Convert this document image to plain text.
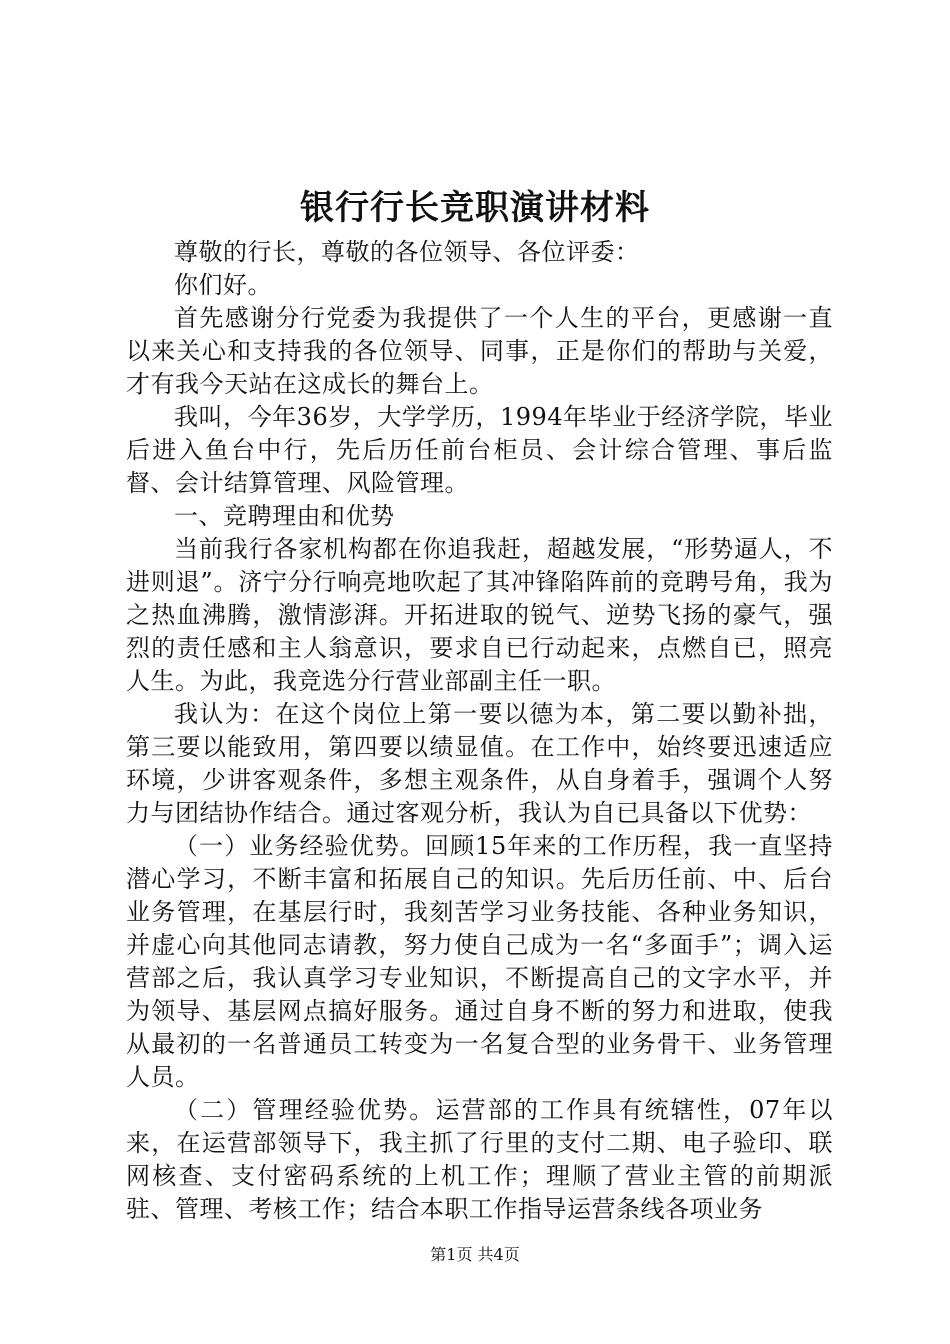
银行行长竞职演讲材料

尊敬的行长，尊敬的各位领导、各位评委：

你们好。

首先感谢分行党委为我提供了一个人生的平台，更感谢一直以来关心和支持我的各位领导、同事，正是你们的帮助与关爱，才有我今天站在这成长的舞台上。

我叫，今年36岁，大学学历，1994年毕业于经济学院，毕业后进入鱼台中行，先后历任前台柜员、会计综合管理、事后监督、会计结算管理、风险管理。

一、竞聘理由和优势

当前我行各家机构都在你追我赶，超越发展，“形势逼人，不进则退”。济宁分行响亮地吹起了其冲锋陷阵前的竞聘号角，我为之热血沸腾，激情澎湃。开拓进取的锐气、逆势飞扬的豪气，强烈的责任感和主人翁意识，要求自已行动起来，点燃自已，照亮人生。为此，我竞选分行营业部副主任一职。

我认为：在这个岗位上第一要以德为本，第二要以勤补拙，第三要以能致用，第四要以绩显值。在工作中，始终要迅速适应环境，少讲客观条件，多想主观条件，从自身着手，强调个人努力与团结协作结合。通过客观分析，我认为自已具备以下优势：

（一）业务经验优势。回顾15年来的工作历程，我一直坚持潜心学习，不断丰富和拓展自己的知识。先后历任前、中、后台业务管理，在基层行时，我刻苦学习业务技能、各种业务知识，并虚心向其他同志请教，努力使自己成为一名“多面手”；调入运营部之后，我认真学习专业知识，不断提高自己的文字水平，并为领导、基层网点搞好服务。通过自身不断的努力和进取，使我从最初的一名普通员工转变为一名复合型的业务骨干、业务管理人员。

（二）管理经验优势。运营部的工作具有统辖性，07年以来，在运营部领导下，我主抓了行里的支付二期、电子验印、联网核查、支付密码系统的上机工作；理顺了营业主管的前期派驻、管理、考核工作；结合本职工作指导运营条线各项业务

第1页 共4页
